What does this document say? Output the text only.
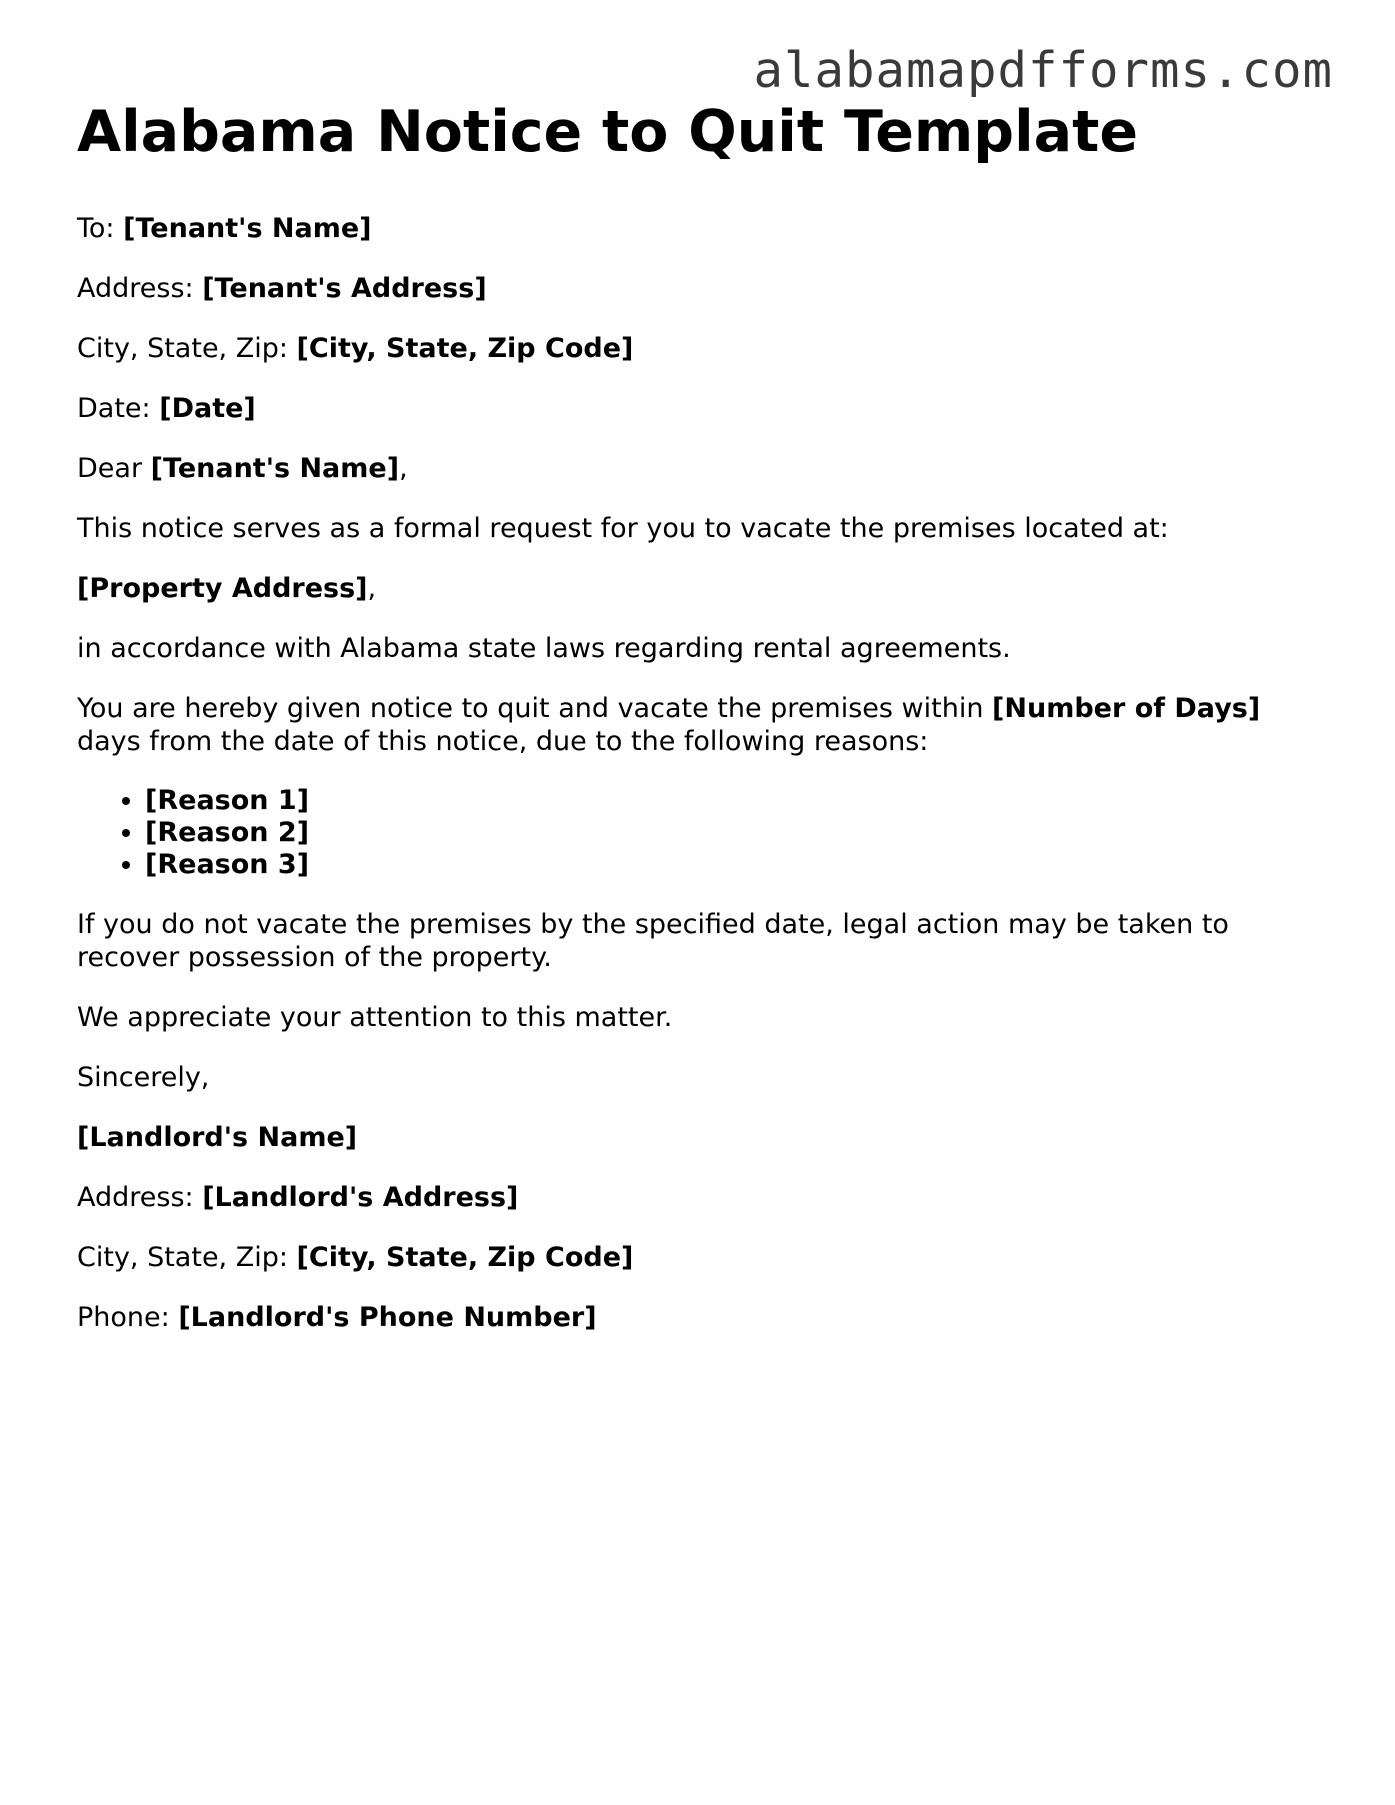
alabamapdfforms.com
Alabama Notice to Quit Template

To: [Tenant's Name]

Address: [Tenant's Address]

City, State, Zip: [City, State, Zip Code]

Date: [Date]

Dear [Tenant's Name],

This notice serves as a formal request for you to vacate the premises located at:

[Property Address],

in accordance with Alabama state laws regarding rental agreements.

You are hereby given notice to quit and vacate the premises within [Number of Days] days from the date of this notice, due to the following reasons:

• [Reason 1]
• [Reason 2]
• [Reason 3]

If you do not vacate the premises by the specified date, legal action may be taken to recover possession of the property.

We appreciate your attention to this matter.

Sincerely,

[Landlord's Name]

Address: [Landlord's Address]

City, State, Zip: [City, State, Zip Code]

Phone: [Landlord's Phone Number]
